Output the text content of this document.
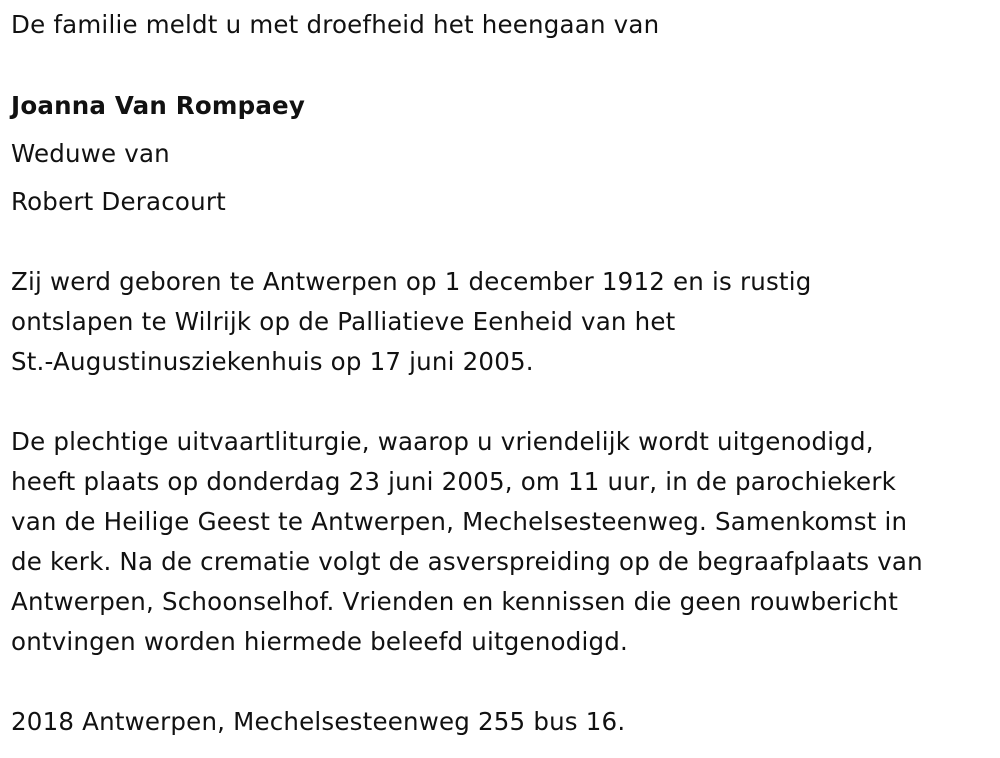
De familie meldt u met droefheid het heengaan van
Joanna Van Rompaey
Weduwe van
Robert Deracourt
Zij werd geboren te Antwerpen op 1 december 1912 en is rustig
ontslapen te Wilrijk op de Palliatieve Eenheid van het
St.-Augustinusziekenhuis op 17 juni 2005.
De plechtige uitvaartliturgie, waarop u vriendelijk wordt uitgenodigd,
heeft plaats op donderdag 23 juni 2005, om 11 uur, in de parochiekerk
van de Heilige Geest te Antwerpen, Mechelsesteenweg. Samenkomst in
de kerk. Na de crematie volgt de asverspreiding op de begraafplaats van
Antwerpen, Schoonselhof. Vrienden en kennissen die geen rouwbericht
ontvingen worden hiermede beleefd uitgenodigd.
2018 Antwerpen, Mechelsesteenweg 255 bus 16.
